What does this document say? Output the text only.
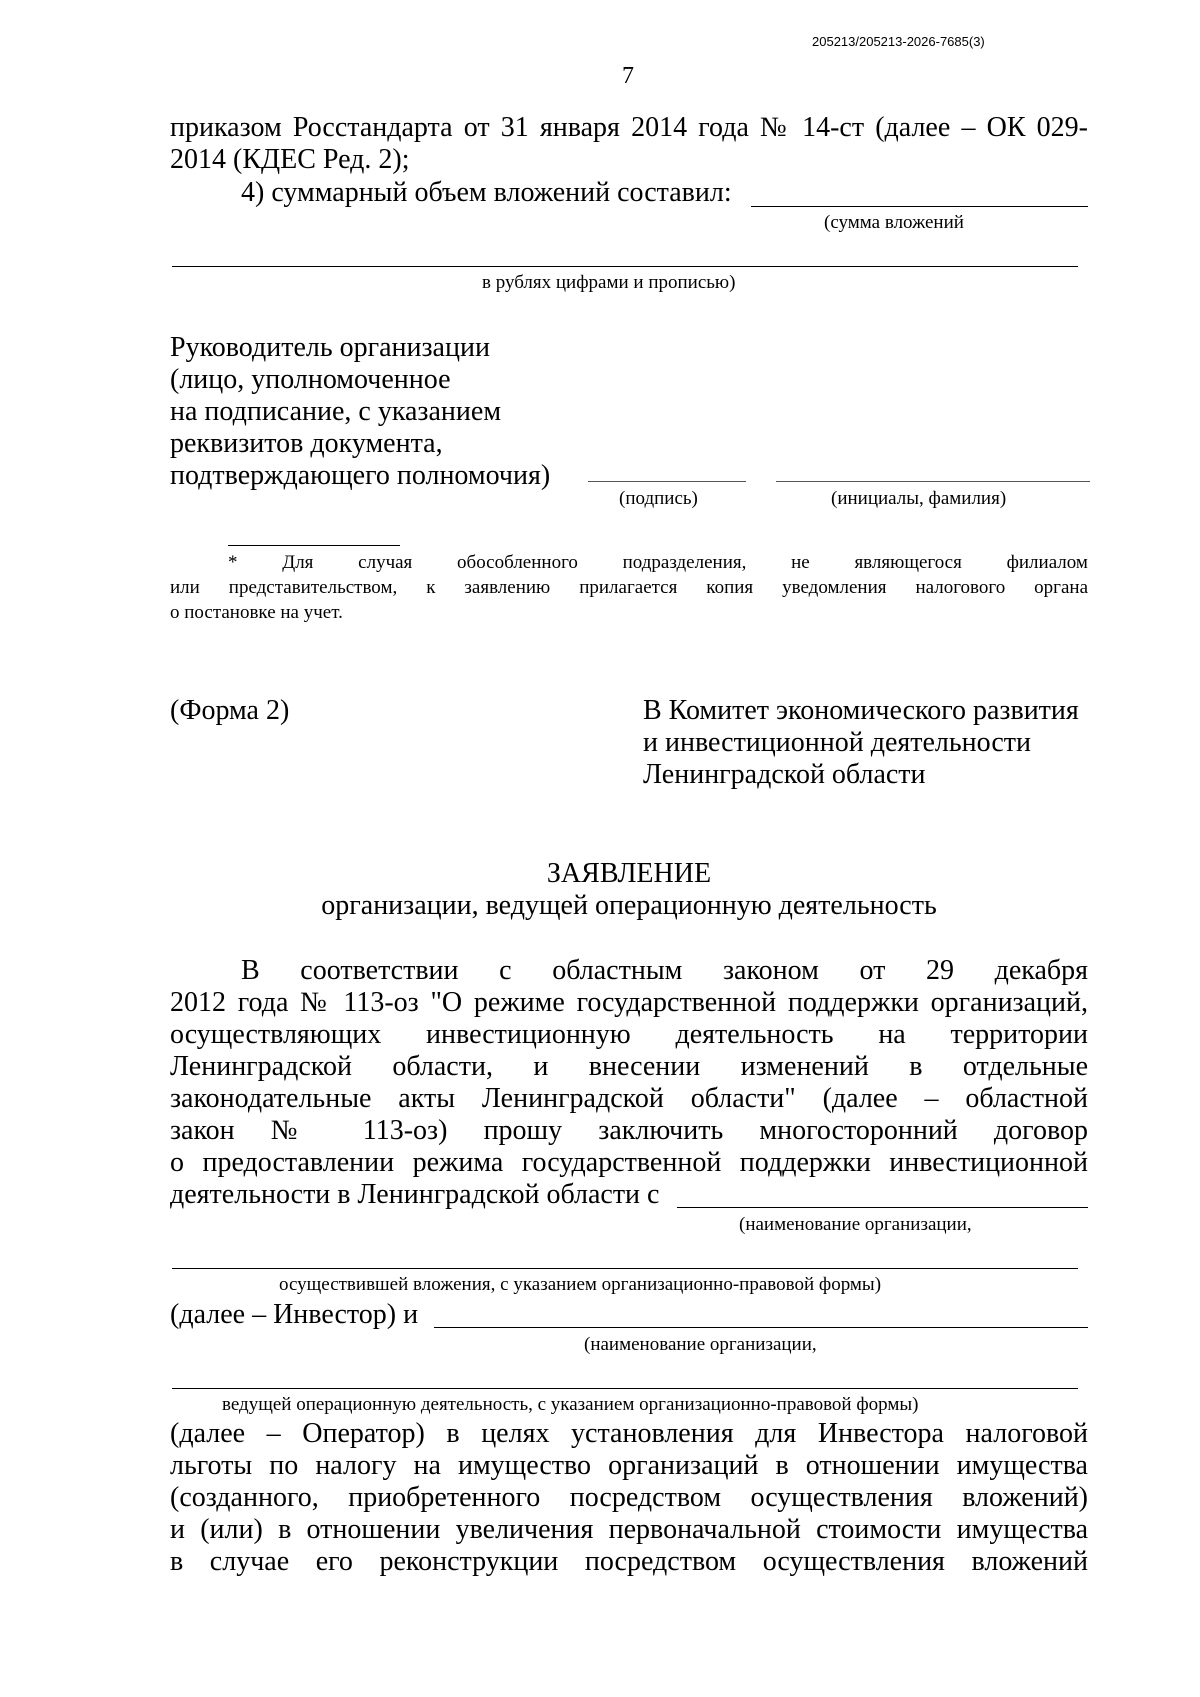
205213/205213-2026-7685(3)
7
приказом Росстандарта от 31 января 2014 года № 14-ст (далее – ОК 029-
2014 (КДЕС Ред. 2);
4) суммарный объем вложений составил:
(сумма вложений
в рублях цифрами и прописью)
Руководитель организации
(лицо, уполномоченное
на подписание, с указанием
реквизитов документа,
подтверждающего полномочия)
(подпись)	(инициалы, фамилия)
* Для случая обособленного подразделения, не являющегося филиалом
или представительством, к заявлению прилагается копия уведомления налогового органа
о постановке на учет.
(Форма 2)	В Комитет экономического развития
и инвестиционной деятельности
Ленинградской области
ЗАЯВЛЕНИЕ
организации, ведущей операционную деятельность
В соответствии с областным законом от 29 декабря
2012 года № 113-оз "О режиме государственной поддержки организаций,
осуществляющих инвестиционную деятельность на территории
Ленинградской области, и внесении изменений в отдельные
законодательные акты Ленинградской области" (далее – областной
закон № 113-оз) прошу заключить многосторонний договор
о предоставлении режима государственной поддержки инвестиционной
деятельности в Ленинградской области с
(наименование организации,
осуществившей вложения, с указанием организационно-правовой формы)
(далее – Инвестор) и
(наименование организации,
ведущей операционную деятельность, с указанием организационно-правовой формы)
(далее – Оператор) в целях установления для Инвестора налоговой
льготы по налогу на имущество организаций в отношении имущества
(созданного, приобретенного посредством осуществления вложений)
и (или) в отношении увеличения первоначальной стоимости имущества
в случае его реконструкции посредством осуществления вложений
